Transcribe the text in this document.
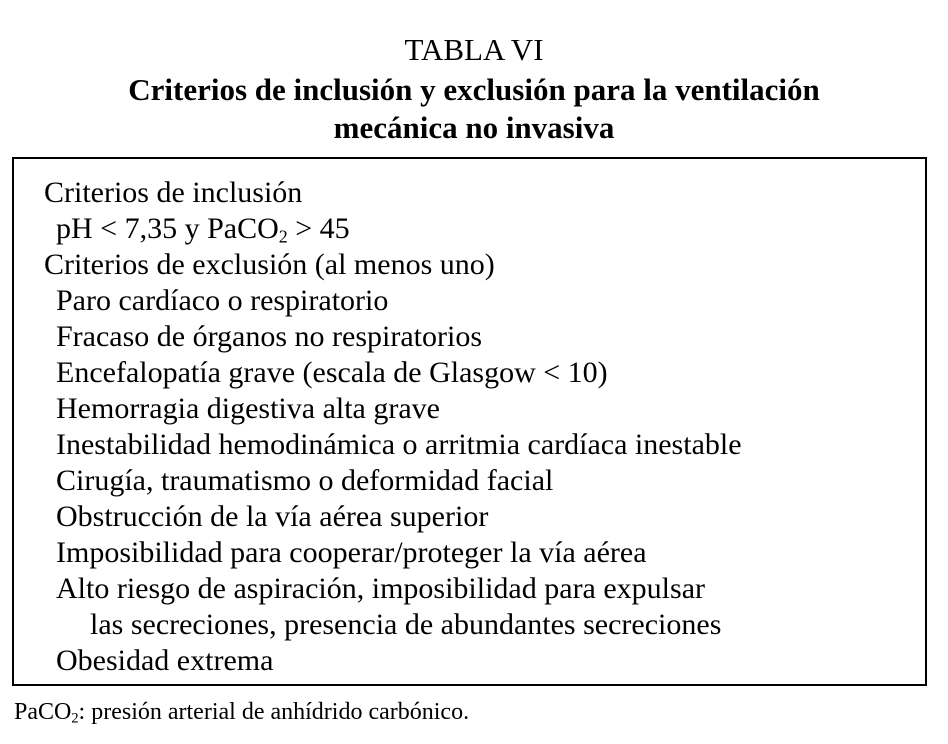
TABLA VI
Criterios de inclusión y exclusión para la ventilación
mecánica no invasiva
Criterios de inclusión
pH < 7,35 y PaCO$_2$ > 45
Criterios de exclusión (al menos uno)
Paro cardíaco o respiratorio
Fracaso de órganos no respiratorios
Encefalopatía grave (escala de Glasgow < 10)
Hemorragia digestiva alta grave
Inestabilidad hemodinámica o arritmia cardíaca inestable
Cirugía, traumatismo o deformidad facial
Obstrucción de la vía aérea superior
Imposibilidad para cooperar/proteger la vía aérea
Alto riesgo de aspiración, imposibilidad para expulsar
las secreciones, presencia de abundantes secreciones
Obesidad extrema
PaCO$_2$: presión arterial de anhídrido carbónico.
